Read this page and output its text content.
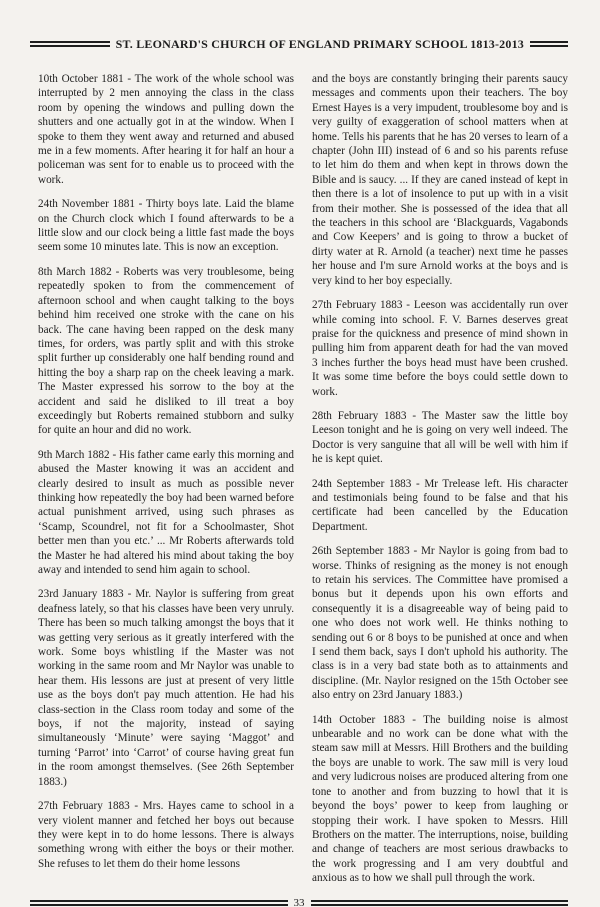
ST. LEONARD'S CHURCH OF ENGLAND PRIMARY SCHOOL 1813-2013

10th October 1881 - The work of the whole school was interrupted by 2 men annoying the class in the class room by opening the windows and pulling down the shutters and one actually got in at the window. When I spoke to them they went away and returned and abused me in a few moments. After hearing it for half an hour a policeman was sent for to enable us to proceed with the work.

24th November 1881 - Thirty boys late. Laid the blame on the Church clock which I found afterwards to be a little slow and our clock being a little fast made the boys seem some 10 minutes late. This is now an exception.

8th March 1882 - Roberts was very troublesome, being repeatedly spoken to from the commencement of afternoon school and when caught talking to the boys behind him received one stroke with the cane on his back. The cane having been rapped on the desk many times, for orders, was partly split and with this stroke split further up considerably one half bending round and hitting the boy a sharp rap on the cheek leaving a mark. The Master expressed his sorrow to the boy at the accident and said he disliked to ill treat a boy exceedingly but Roberts remained stubborn and sulky for quite an hour and did no work.

9th March 1882 - His father came early this morning and abused the Master knowing it was an accident and clearly desired to insult as much as possible never thinking how repeatedly the boy had been warned before actual punishment arrived, using such phrases as ‘Scamp, Scoundrel, not fit for a Schoolmaster, Shot better men than you etc.’ ... Mr Roberts afterwards told the Master he had altered his mind about taking the boy away and intended to send him again to school.

23rd January 1883 - Mr. Naylor is suffering from great deafness lately, so that his classes have been very unruly. There has been so much talking amongst the boys that it was getting very serious as it greatly interfered with the work. Some boys whistling if the Master was not working in the same room and Mr Naylor was unable to hear them. His lessons are just at present of very little use as the boys don't pay much attention. He had his class-section in the Class room today and some of the boys, if not the majority, instead of saying simultaneously ‘Minute’ were saying ‘Maggot’ and turning ‘Parrot’ into ‘Carrot’ of course having great fun in the room amongst themselves. (See 26th September 1883.)

27th February 1883 - Mrs. Hayes came to school in a very violent manner and fetched her boys out because they were kept in to do home lessons. There is always something wrong with either the boys or their mother. She refuses to let them do their home lessons

and the boys are constantly bringing their parents saucy messages and comments upon their teachers. The boy Ernest Hayes is a very impudent, troublesome boy and is very guilty of exaggeration of school matters when at home. Tells his parents that he has 20 verses to learn of a chapter (John III) instead of 6 and so his parents refuse to let him do them and when kept in throws down the Bible and is saucy. ... If they are caned instead of kept in then there is a lot of insolence to put up with in a visit from their mother. She is possessed of the idea that all the teachers in this school are ‘Blackguards, Vagabonds and Cow Keepers’ and is going to throw a bucket of dirty water at R. Arnold (a teacher) next time he passes her house and I'm sure Arnold works at the boys and is very kind to her boy especially.

27th February 1883 - Leeson was accidentally run over while coming into school. F. V. Barnes deserves great praise for the quickness and presence of mind shown in pulling him from apparent death for had the van moved 3 inches further the boys head must have been crushed. It was some time before the boys could settle down to work.

28th February 1883 - The Master saw the little boy Leeson tonight and he is going on very well indeed. The Doctor is very sanguine that all will be well with him if he is kept quiet.

24th September 1883 - Mr Trelease left. His character and testimonials being found to be false and that his certificate had been cancelled by the Education Department.

26th September 1883 - Mr Naylor is going from bad to worse. Thinks of resigning as the money is not enough to retain his services. The Committee have promised a bonus but it depends upon his own efforts and consequently it is a disagreeable way of being paid to one who does not work well. He thinks nothing to sending out 6 or 8 boys to be punished at once and when I send them back, says I don't uphold his authority. The class is in a very bad state both as to attainments and discipline. (Mr. Naylor resigned on the 15th October see also entry on 23rd January 1883.)

14th October 1883 - The building noise is almost unbearable and no work can be done what with the steam saw mill at Messrs. Hill Brothers and the building the boys are unable to work. The saw mill is very loud and very ludicrous noises are produced altering from one tone to another and from buzzing to howl that it is beyond the boys’ power to keep from laughing or stopping their work. I have spoken to Messrs. Hill Brothers on the matter. The interruptions, noise, building and change of teachers are most serious drawbacks to the work progressing and I am very doubtful and anxious as to how we shall pull through the work.

33
